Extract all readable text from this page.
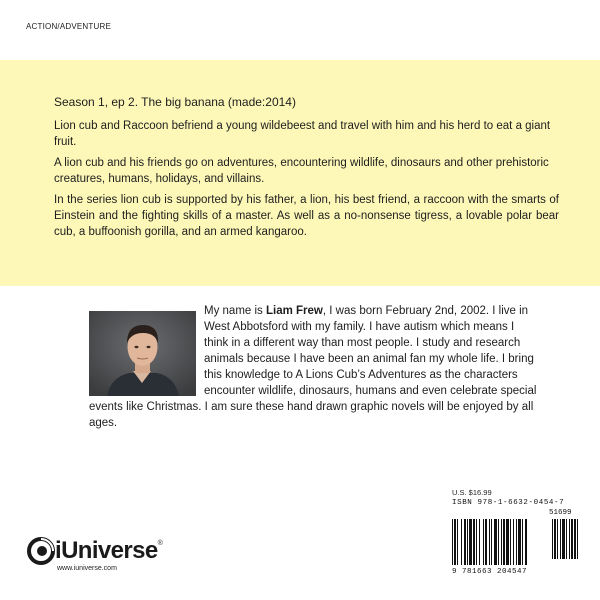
ACTION/ADVENTURE

Season 1, ep 2. The big banana (made:2014)

Lion cub and Raccoon befriend a young wildebeest and travel with him and his herd to eat a giant fruit.

A lion cub and his friends go on adventures, encountering wildlife, dinosaurs and other prehistoric creatures, humans, holidays, and villains.

In the series lion cub is supported by his father, a lion, his best friend, a raccoon with the smarts of Einstein and the fighting skills of a master. As well as a no-nonsense tigress, a lovable polar bear cub, a buffoonish gorilla, and an armed kangaroo.

My name is Liam Frew, I was born February 2nd, 2002. I live in West Abbotsford with my family. I have autism which means I think in a different way than most people. I study and research animals because I have been an animal fan my whole life. I bring this knowledge to A Lions Cub’s Adventures as the characters encounter wildlife, dinosaurs, humans and even celebrate special events like Christmas. I am sure these hand drawn graphic novels will be enjoyed by all ages.

U.S. $16.99
ISBN 978-1-6632-0454-7
51699
9 781663 204547
iUniverse®
www.iuniverse.com
